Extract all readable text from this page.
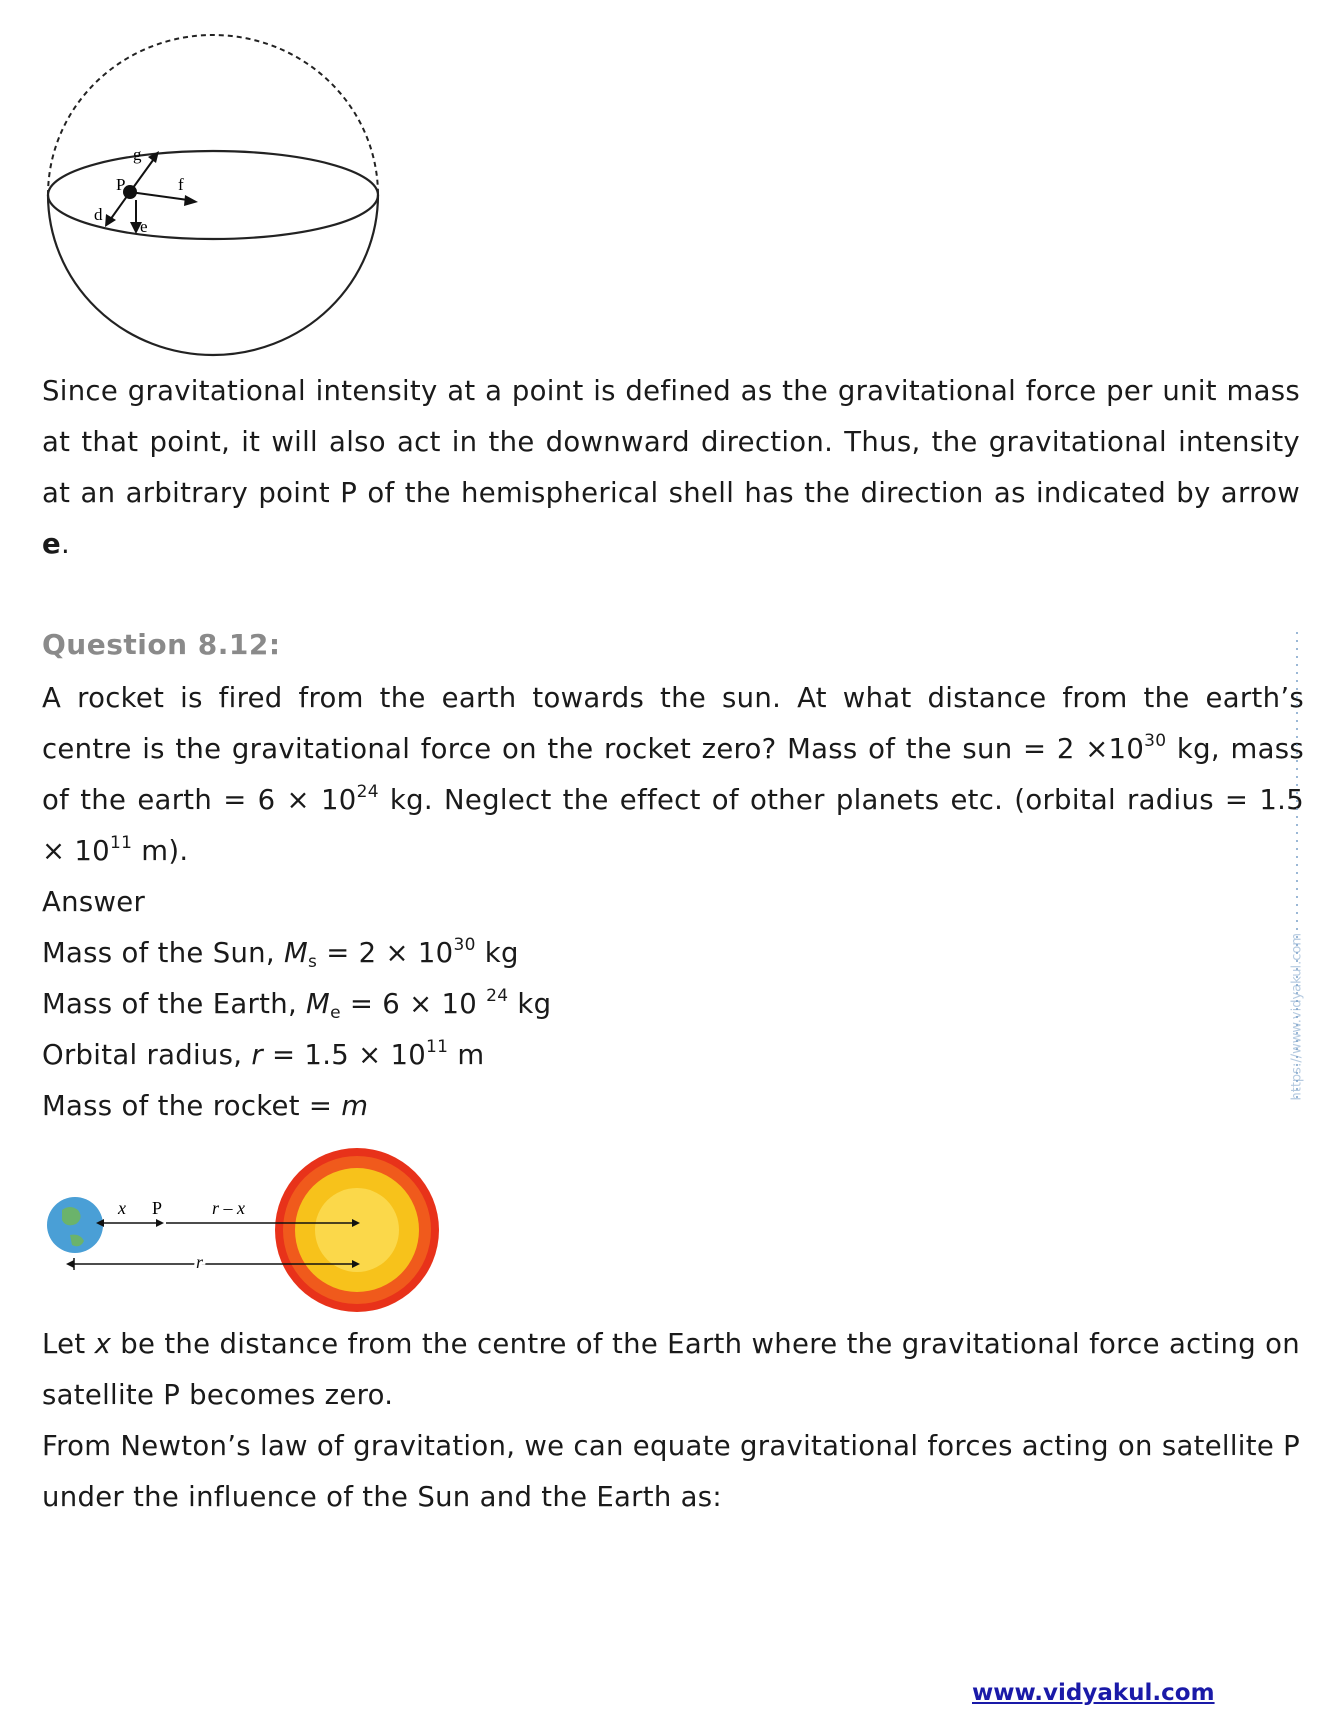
g
P	f
d
e
Since gravitational intensity at a point is defined as the gravitational force per unit mass
at that point, it will also act in the downward direction. Thus, the gravitational intensity
at an arbitrary point P of the hemispherical shell has the direction as indicated by arrow
e.
Question 8.12:
A rocket is fired from the earth towards the sun. At what distance from the earth’s
centre is the gravitational force on the rocket zero? Mass of the sun = $2 \times 10^{30}$ kg, mass
of the earth = $6 \times 10^{24}$ kg. Neglect the effect of other planets etc. (orbital radius = 1.5
× $10^{11}$ m).
Answer
Mass of the Sun, $M_s = 2 \times 10^{30}$ kg
Mass of the Earth, $M_e = 6 \times 10$ $^{24}$ kg
Orbital radius, $r = 1.5 \times 10^{11}$ m
Mass of the rocket = m
x P	r – x
r
Let x be the distance from the centre of the Earth where the gravitational force acting on
satellite P becomes zero.
From Newton’s law of gravitation, we can equate gravitational forces acting on satellite P
under the influence of the Sun and the Earth as:
https://www.vidyakul.com
www.vidyakul.com
